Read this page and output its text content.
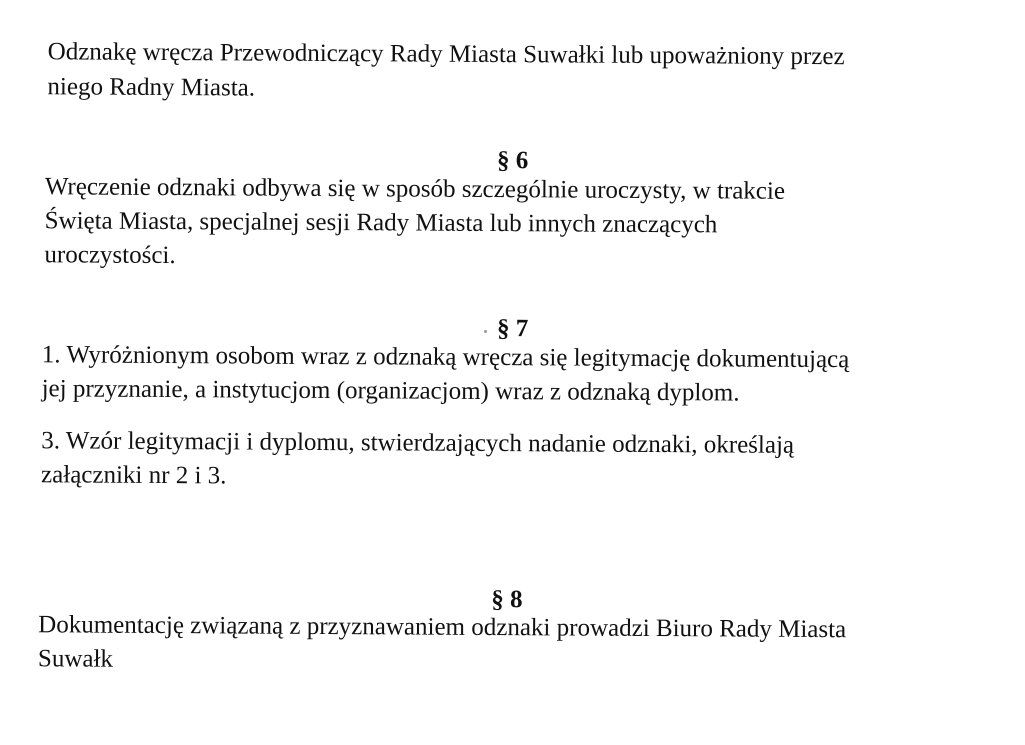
Odznakę wręcza Przewodniczący Rady Miasta Suwałki lub upoważniony przez
niego Radny Miasta.
§ 6
Wręczenie odznaki odbywa się w sposób szczególnie uroczysty, w trakcie
Święta Miasta, specjalnej sesji Rady Miasta lub innych znaczących
uroczystości.
§ 7
1. Wyróżnionym osobom wraz z odznaką wręcza się legitymację dokumentującą
jej przyznanie, a instytucjom (organizacjom) wraz z odznaką dyplom.
3. Wzór legitymacji i dyplomu, stwierdzających nadanie odznaki, określają
załączniki nr 2 i 3.
§ 8
Dokumentację związaną z przyznawaniem odznaki prowadzi Biuro Rady Miasta
Suwałk
